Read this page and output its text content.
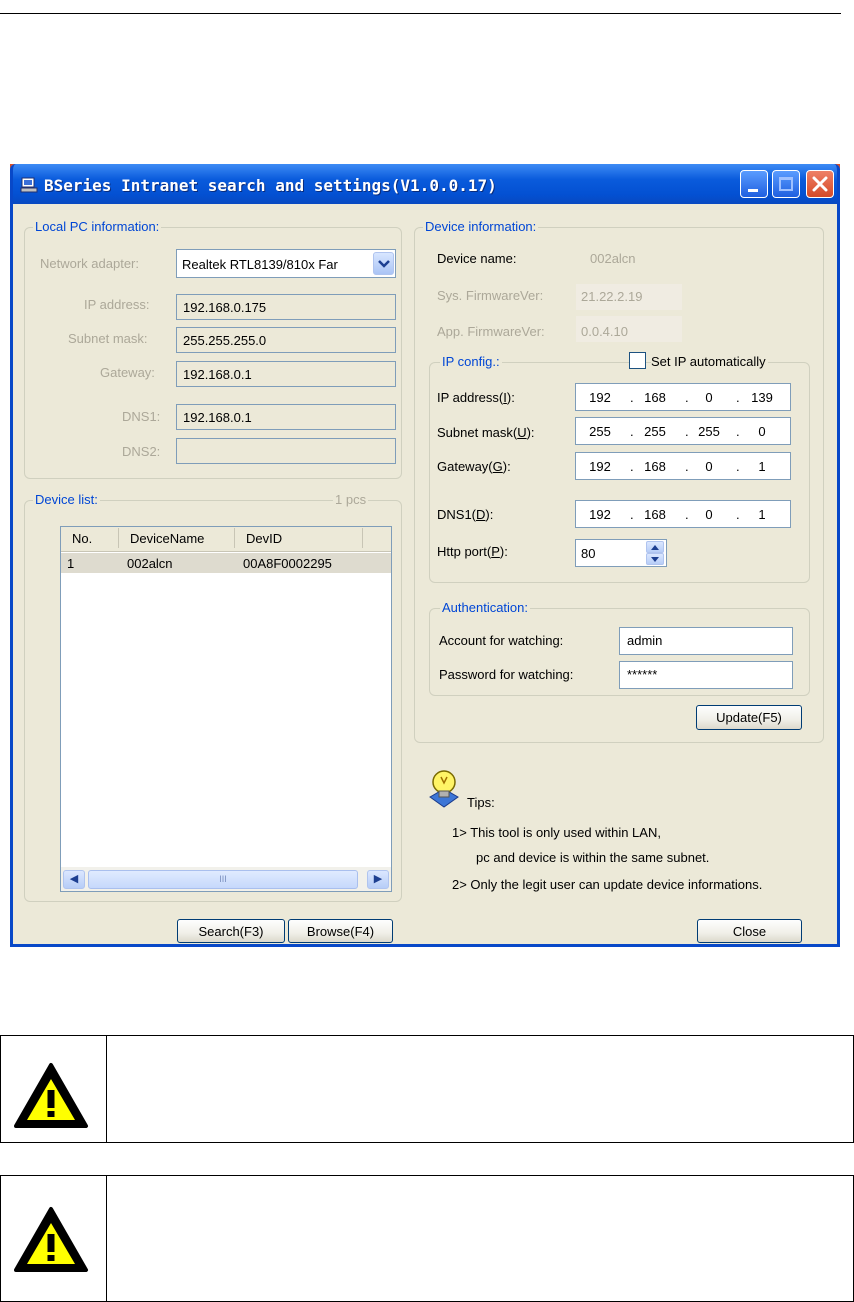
BSeries Intranet search and settings(V1.0.0.17)
Local PC information:
Network adapter:	Realtek RTL8139/810x Far
IP address:	192.168.0.175
Subnet mask:	255.255.255.0
Gateway:	192.168.0.1
DNS1:	192.168.0.1
DNS2:
Device list:	1 pcs
No.	DeviceName	DevID
1	002alcn	00A8F0002295
◀	III	▶
Search(F3)	Browse(F4)
Device information:
Device name:	002alcn
Sys. FirmwareVer:	21.22.2.19
App. FirmwareVer:	0.0.4.10
IP config.:	Set IP automatically
IP address(I):	192	. 168	.	0	. 139
Subnet mask(U):	255	. 255	. 255	.	0
Gateway(G):	192	. 168	.	0	.	1
DNS1(D):	192	. 168	.	0	.	1
Http port(P):	80
Authentication:
Account for watching:	admin
Password for watching:	******
Update(F5)
Tips:
1> This tool is only used within LAN,
pc and device is within the same subnet.
2> Only the legit user can update device informations.
Close
